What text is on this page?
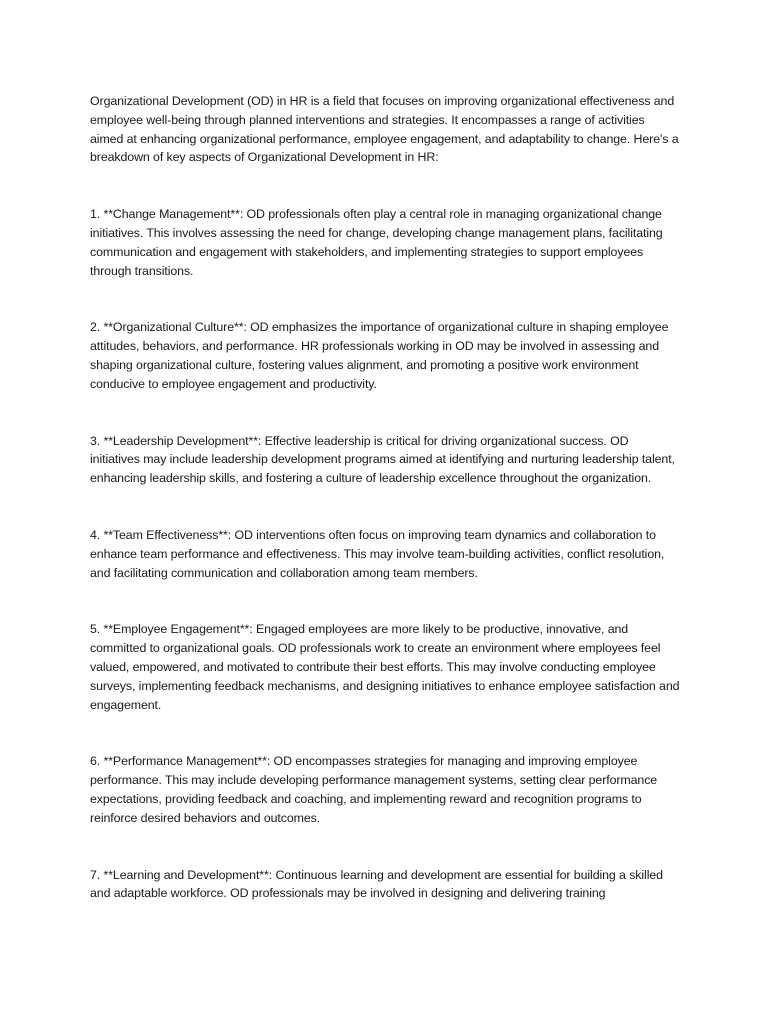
Organizational Development (OD) in HR is a field that focuses on improving organizational effectiveness and employee well-being through planned interventions and strategies. It encompasses a range of activities aimed at enhancing organizational performance, employee engagement, and adaptability to change. Here's a breakdown of key aspects of Organizational Development in HR:

1. **Change Management**: OD professionals often play a central role in managing organizational change initiatives. This involves assessing the need for change, developing change management plans, facilitating communication and engagement with stakeholders, and implementing strategies to support employees through transitions.

2. **Organizational Culture**: OD emphasizes the importance of organizational culture in shaping employee attitudes, behaviors, and performance. HR professionals working in OD may be involved in assessing and shaping organizational culture, fostering values alignment, and promoting a positive work environment conducive to employee engagement and productivity.

3. **Leadership Development**: Effective leadership is critical for driving organizational success. OD initiatives may include leadership development programs aimed at identifying and nurturing leadership talent, enhancing leadership skills, and fostering a culture of leadership excellence throughout the organization.

4. **Team Effectiveness**: OD interventions often focus on improving team dynamics and collaboration to enhance team performance and effectiveness. This may involve team-building activities, conflict resolution, and facilitating communication and collaboration among team members.

5. **Employee Engagement**: Engaged employees are more likely to be productive, innovative, and committed to organizational goals. OD professionals work to create an environment where employees feel valued, empowered, and motivated to contribute their best efforts. This may involve conducting employee surveys, implementing feedback mechanisms, and designing initiatives to enhance employee satisfaction and engagement.

6. **Performance Management**: OD encompasses strategies for managing and improving employee performance. This may include developing performance management systems, setting clear performance expectations, providing feedback and coaching, and implementing reward and recognition programs to reinforce desired behaviors and outcomes.

7. **Learning and Development**: Continuous learning and development are essential for building a skilled and adaptable workforce. OD professionals may be involved in designing and delivering training
